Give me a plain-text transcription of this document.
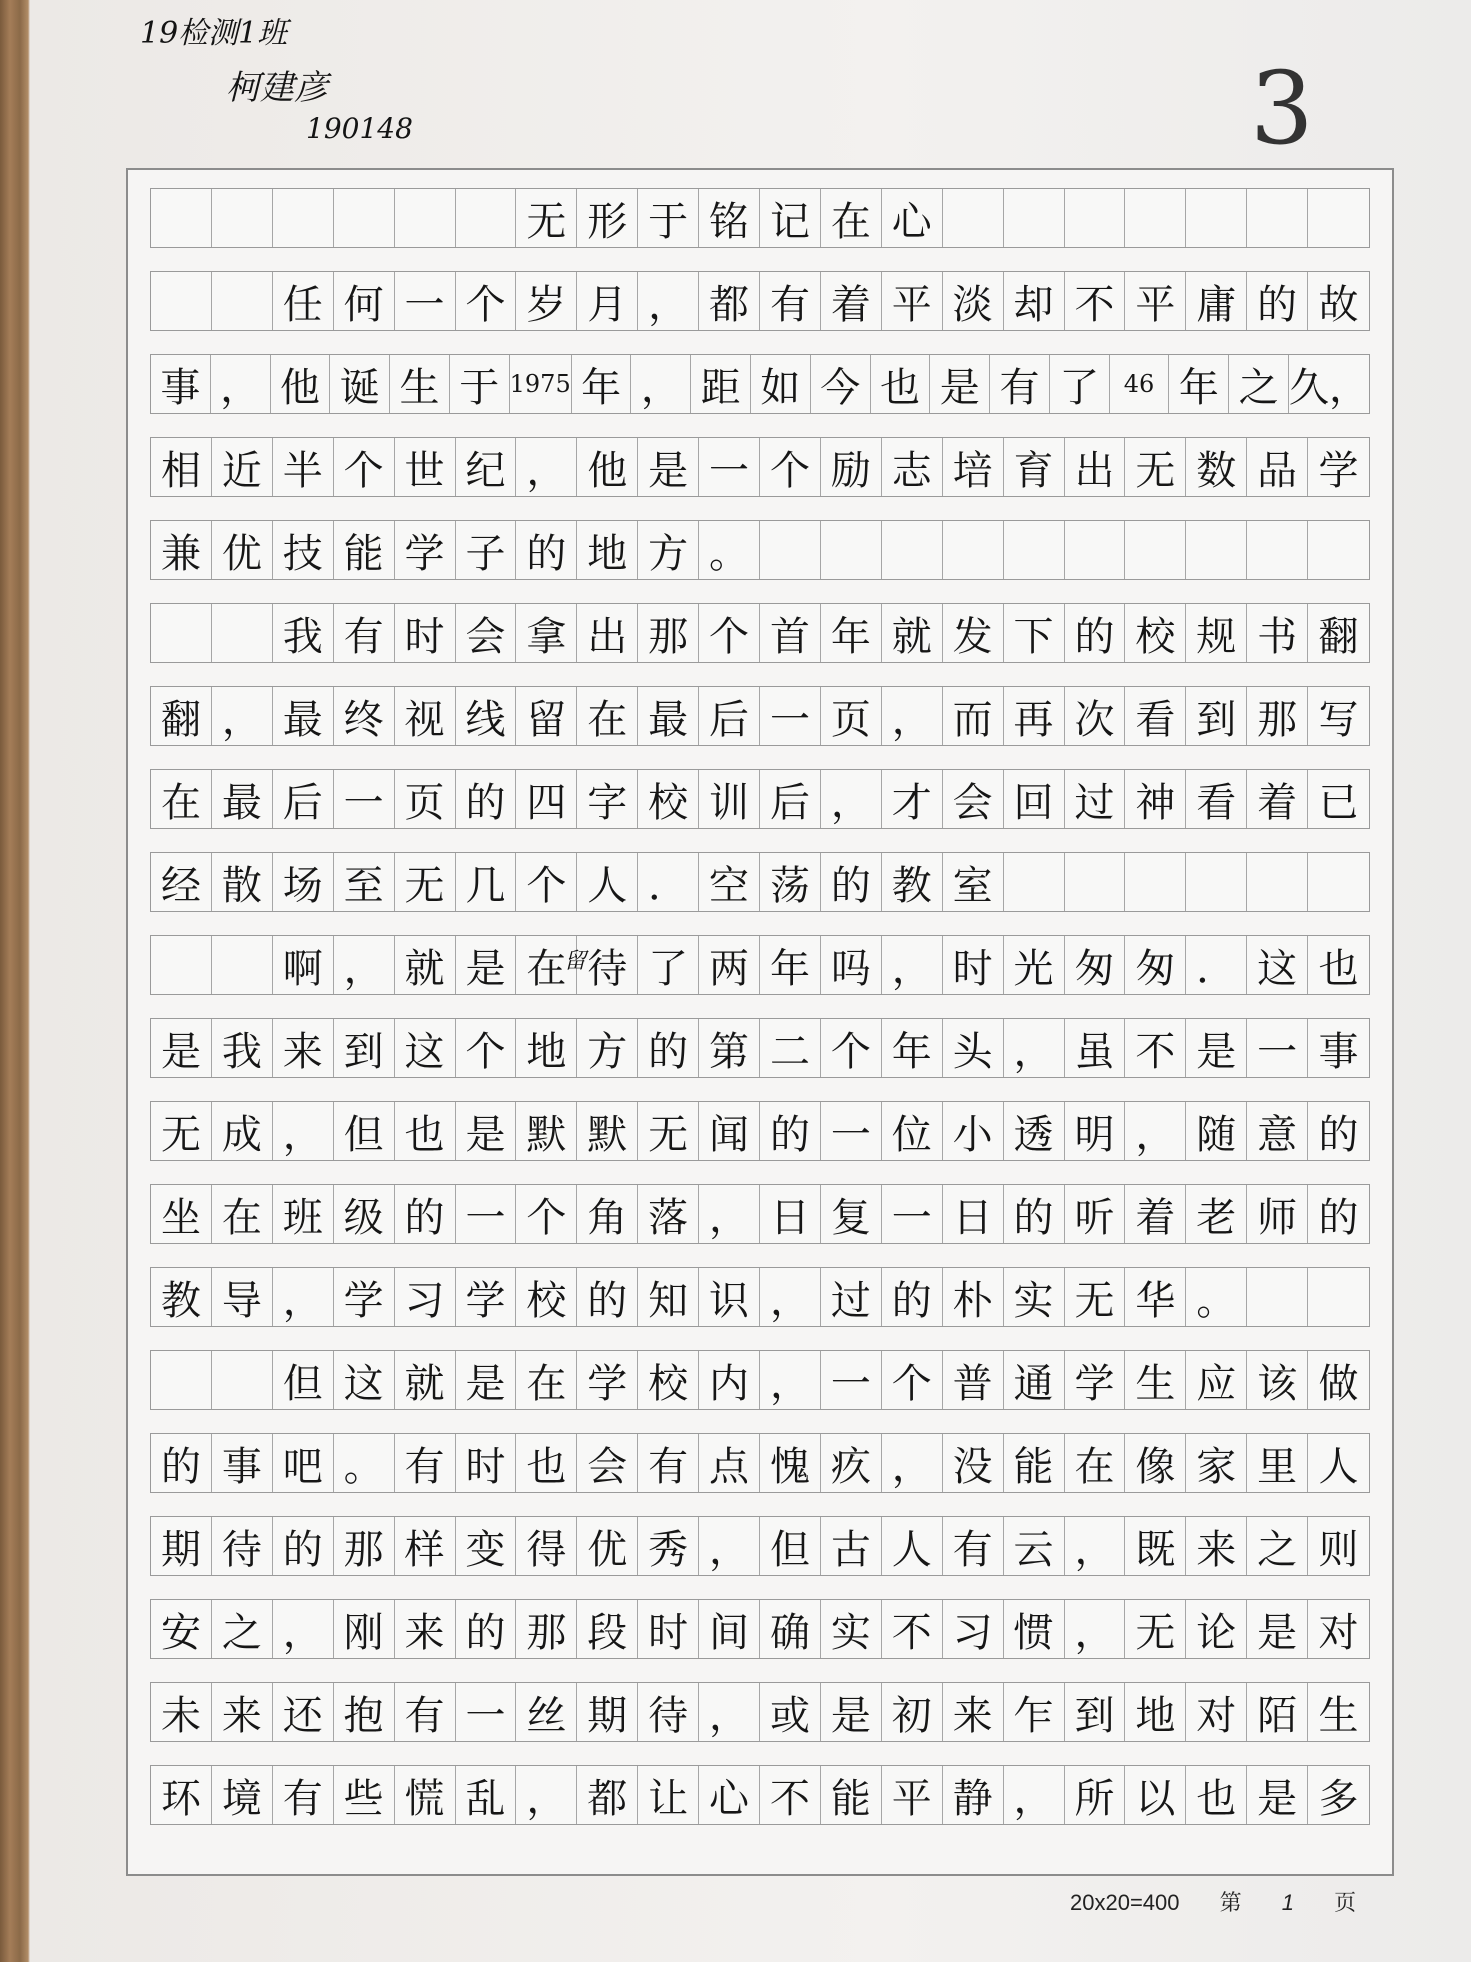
19检测1班
柯建彦
190148	3
无 形 于 铭 记 在 心
任 何 一 个 岁 月 ， 都 有 着 平 淡 却 不 平 庸 的 故
事 ， 他 诞 生 于 1975 年 ， 距 如 今 也 是 有 了	46 年 之 久，
相 近 半 个 世 纪 ， 他 是 一 个 励 志 培 育 出 无 数 品 学
兼 优 技 能 学 子 的 地 方 。
我 有 时 会 拿 出 那 个 首 年 就 发 下 的 校 规 书 翻
翻 ， 最 终 视 线 留 在 最 后 一 页 ， 而 再 次 看 到 那 写
在 最 后 一 页 的 四 字 校 训 后 ， 才 会 回 过 神 看 着 已
经 散 场 至 无 几 个 人 ． 空 荡 的 教 室
啊 ， 就 是 在 待 了 两 年 吗 ， 时 光 匆 匆 ． 这 也
是 我 来 到 这 个 地 方 的 第 二 个 年 头 ， 虽 不 是 一 事
无 成 ， 但 也 是 默 默 无 闻 的 一 位 小 透 明 ， 随 意 的
坐 在 班 级 的 一 个 角 落 ， 日 复 一 日 的 听 着 老 师 的
教 导 ， 学 习 学 校 的 知 识 ， 过 的 朴 实 无 华 。
但 这 就 是 在 学 校 内 ， 一 个 普 通 学 生 应 该 做
的 事 吧 。 有 时 也 会 有 点 愧 疚 ， 没 能 在 像 家 里 人
期 待 的 那 样 变 得 优 秀 ， 但 古 人 有 云 ， 既 来 之 则
安 之 ， 刚 来 的 那 段 时 间 确 实 不 习 惯 ， 无 论 是 对
未 来 还 抱 有 一 丝 期 待 ， 或 是 初 来 乍 到 地 对 陌 生
环 境 有 些 慌 乱 ， 都 让 心 不 能 平 静 ， 所 以 也 是 多
留
20x20=400 第 1 页
